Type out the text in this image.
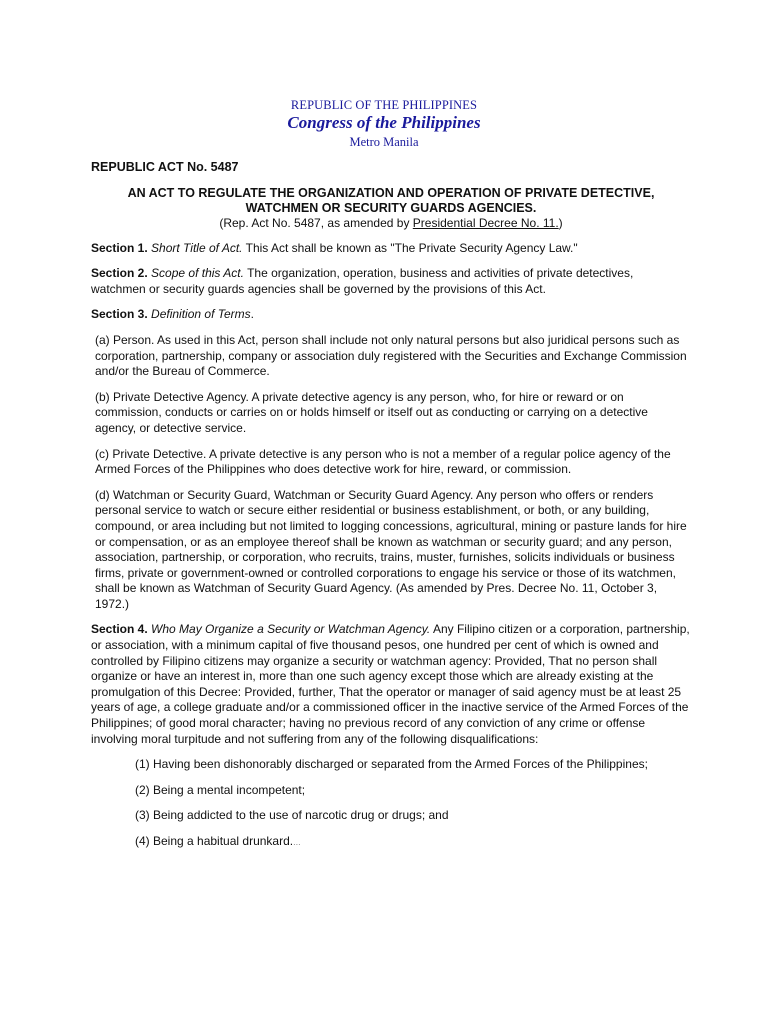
REPUBLIC OF THE PHILIPPINES
Congress of the Philippines
Metro Manila
REPUBLIC ACT No. 5487
AN ACT TO REGULATE THE ORGANIZATION AND OPERATION OF PRIVATE DETECTIVE,
WATCHMEN OR SECURITY GUARDS AGENCIES.
(Rep. Act No. 5487, as amended by Presidential Decree No. 11.)

Section 1. Short Title of Act. This Act shall be known as "The Private Security Agency Law."

Section 2. Scope of this Act. The organization, operation, business and activities of private detectives, watchmen or security guards agencies shall be governed by the provisions of this Act.

Section 3. Definition of Terms.

(a) Person. As used in this Act, person shall include not only natural persons but also juridical persons such as corporation, partnership, company or association duly registered with the Securities and Exchange Commission and/or the Bureau of Commerce.

(b) Private Detective Agency. A private detective agency is any person, who, for hire or reward or on commission, conducts or carries on or holds himself or itself out as conducting or carrying on a detective agency, or detective service.

(c) Private Detective. A private detective is any person who is not a member of a regular police agency of the Armed Forces of the Philippines who does detective work for hire, reward, or commission.

(d) Watchman or Security Guard, Watchman or Security Guard Agency. Any person who offers or renders personal service to watch or secure either residential or business establishment, or both, or any building, compound, or area including but not limited to logging concessions, agricultural, mining or pasture lands for hire or compensation, or as an employee thereof shall be known as watchman or security guard; and any person, association, partnership, or corporation, who recruits, trains, muster, furnishes, solicits individuals or business firms, private or government-owned or controlled corporations to engage his service or those of its watchmen, shall be known as Watchman of Security Guard Agency. (As amended by Pres. Decree No. 11, October 3, 1972.)

Section 4. Who May Organize a Security or Watchman Agency. Any Filipino citizen or a corporation, partnership, or association, with a minimum capital of five thousand pesos, one hundred per cent of which is owned and controlled by Filipino citizens may organize a security or watchman agency: Provided, That no person shall organize or have an interest in, more than one such agency except those which are already existing at the promulgation of this Decree: Provided, further, That the operator or manager of said agency must be at least 25 years of age, a college graduate and/or a commissioned officer in the inactive service of the Armed Forces of the Philippines; of good moral character; having no previous record of any conviction of any crime or offense involving moral turpitude and not suffering from any of the following disqualifications:

(1) Having been dishonorably discharged or separated from the Armed Forces of the Philippines;

(2) Being a mental incompetent;

(3) Being addicted to the use of narcotic drug or drugs; and

(4) Being a habitual drunkard....
